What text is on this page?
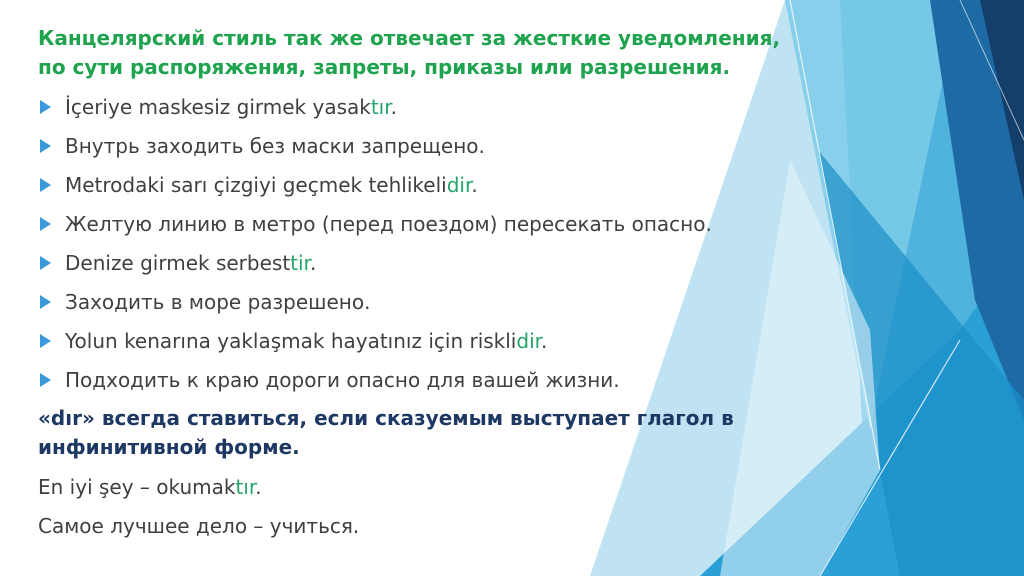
Канцелярский стиль так же отвечает за жесткие уведомления, по сути распоряжения, запреты, приказы или разрешения.

İçeriye maskesiz girmek yasaktır.
Внутрь заходить без маски запрещено.
Metrodaki sarı çizgiyi geçmek tehlikelidir.
Желтую линию в метро (перед поездом) пересекать опасно.
Denize girmek serbesttir.
Заходить в море разрешено.
Yolun kenarına yaklaşmak hayatınız için risklidir.
Подходить к краю дороги опасно для вашей жизни.

«dır» всегда ставиться, если сказуемым выступает глагол в инфинитивной форме.

En iyi şey – okumaktır.

Самое лучшее дело – учиться.
